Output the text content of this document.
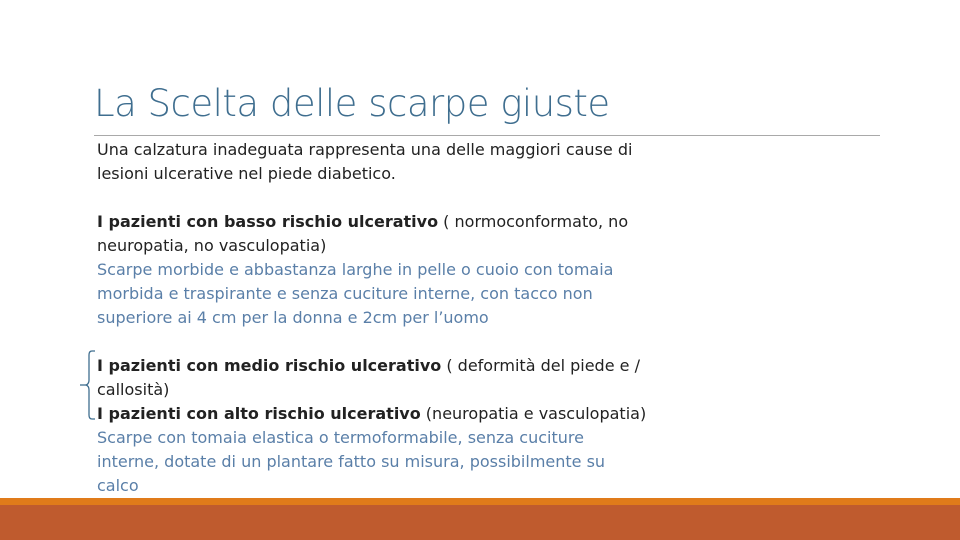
La Scelta delle scarpe giuste

Una calzatura inadeguata rappresenta una delle maggiori cause di

lesioni ulcerative nel piede diabetico.

I pazienti con basso rischio ulcerativo ( normoconformato, no

neuropatia, no vasculopatia)

Scarpe morbide e abbastanza larghe in pelle o cuoio con tomaia

morbida e traspirante e senza cuciture interne, con tacco non

superiore ai 4 cm per la donna e 2cm per l’uomo

I pazienti con medio rischio ulcerativo ( deformità del piede e /

callosità)

I pazienti con alto rischio ulcerativo (neuropatia e vasculopatia)

Scarpe con tomaia elastica o termoformabile, senza cuciture

interne, dotate di un plantare fatto su misura, possibilmente su

calco
